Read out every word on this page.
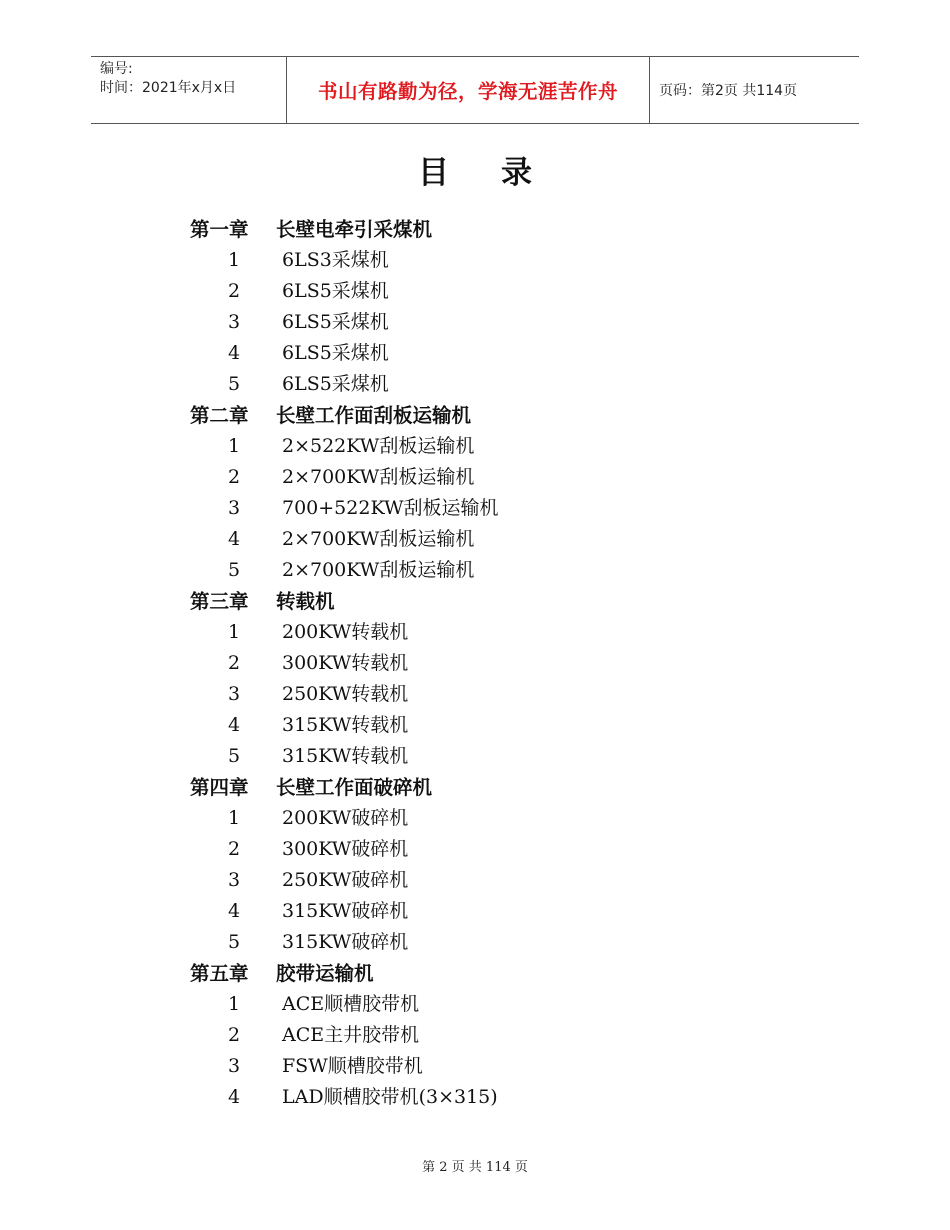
编号:
时间：2021年x月x日	书山有路勤为径，学海无涯苦作舟	页码：第2页 共114页
目 录
第一章 长壁电牵引采煤机
1 6LS3采煤机
2 6LS5采煤机
3 6LS5采煤机
4 6LS5采煤机
5 6LS5采煤机
第二章 长壁工作面刮板运输机
1 2×522KW刮板运输机
2 2×700KW刮板运输机
3 700+522KW刮板运输机
4 2×700KW刮板运输机
5 2×700KW刮板运输机
第三章 转载机
1 200KW转载机
2 300KW转载机
3 250KW转载机
4 315KW转载机
5 315KW转载机
第四章 长壁工作面破碎机
1 200KW破碎机
2 300KW破碎机
3 250KW破碎机
4 315KW破碎机
5 315KW破碎机
第五章 胶带运输机
1 ACE顺槽胶带机
2 ACE主井胶带机
3 FSW顺槽胶带机
4 LAD顺槽胶带机(3×315)
第 2 页 共 114 页
